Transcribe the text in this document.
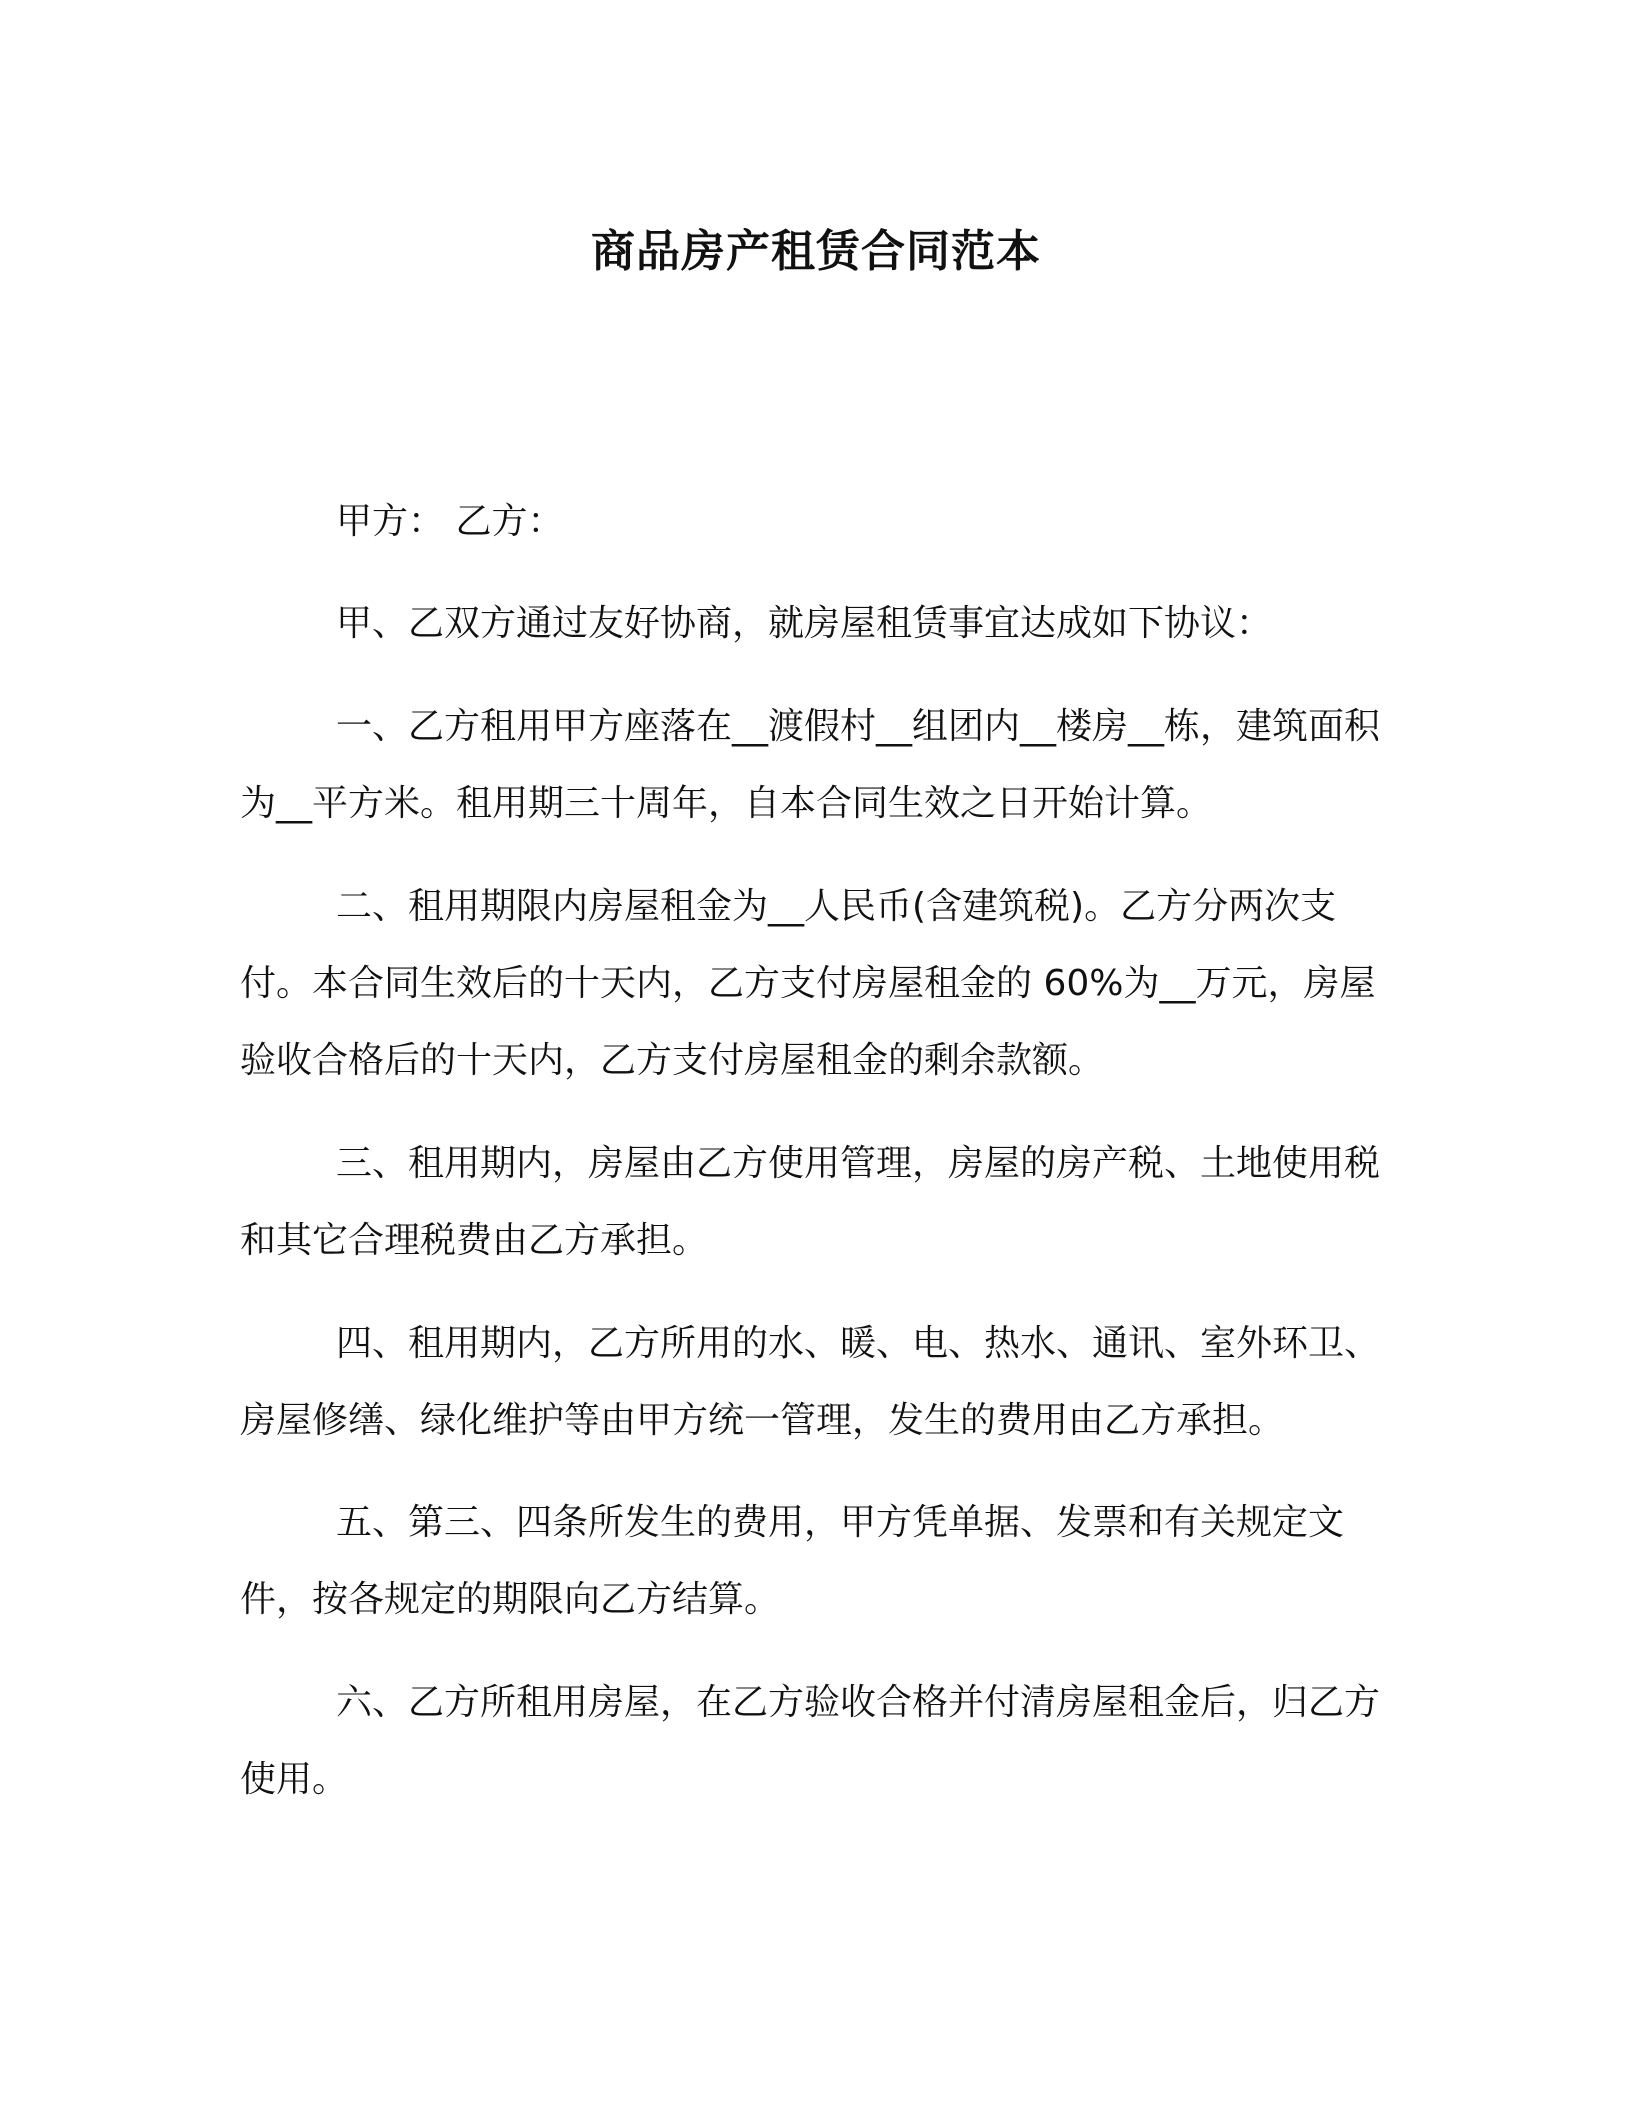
商品房产租赁合同范本

甲方： 乙方：

甲、乙双方通过友好协商，就房屋租赁事宜达成如下协议：

一、乙方租用甲方座落在__渡假村__组团内__楼房__栋，建筑面积为__平方米。租用期三十周年，自本合同生效之日开始计算。

二、租用期限内房屋租金为__人民币(含建筑税)。乙方分两次支付。本合同生效后的十天内，乙方支付房屋租金的 60%为__万元，房屋验收合格后的十天内，乙方支付房屋租金的剩余款额。

三、租用期内，房屋由乙方使用管理，房屋的房产税、土地使用税和其它合理税费由乙方承担。

四、租用期内，乙方所用的水、暖、电、热水、通讯、室外环卫、房屋修缮、绿化维护等由甲方统一管理，发生的费用由乙方承担。

五、第三、四条所发生的费用，甲方凭单据、发票和有关规定文件，按各规定的期限向乙方结算。

六、乙方所租用房屋，在乙方验收合格并付清房屋租金后，归乙方使用。
